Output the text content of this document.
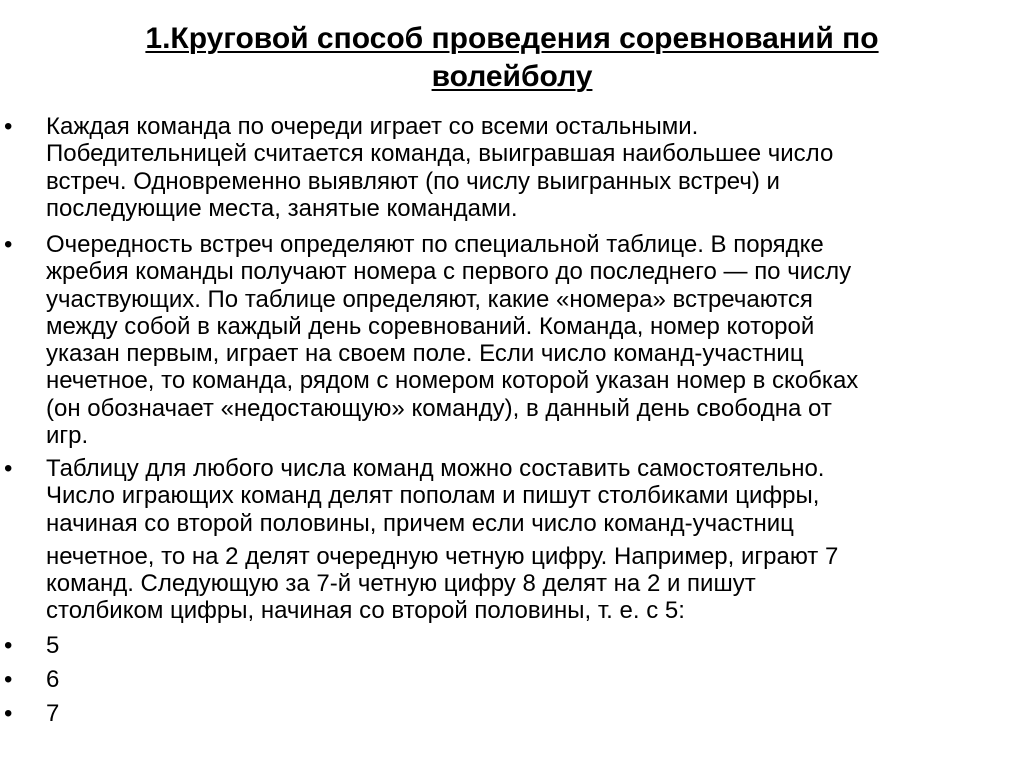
1.Круговой способ проведения соревнований по
волейболу
• Каждая команда по очереди играет со всеми остальными.
Победительницей считается команда, выигравшая наибольшее число
встреч. Одновременно выявляют (по числу выигранных встреч) и
последующие места, занятые командами.
• Очередность встреч определяют по специальной таблице. В порядке
жребия команды получают номера с первого до последнего — по числу
участвующих. По таблице определяют, какие «номера» встречаются
между собой в каждый день соревнований. Команда, номер которой
указан первым, играет на своем поле. Если число команд-участниц
нечетное, то команда, рядом с номером которой указан номер в скобках
(он обозначает «недостающую» команду), в данный день свободна от
игр.
• Таблицу для любого числа команд можно составить самостоятельно.
Число играющих команд делят пополам и пишут столбиками цифры,
начиная со второй половины, причем если число команд-участниц
нечетное, то на 2 делят очередную четную цифру. Например, играют 7
команд. Следующую за 7-й четную цифру 8 делят на 2 и пишут
столбиком цифры, начиная со второй половины, т. е. с 5:
• 5
• 6
• 7
